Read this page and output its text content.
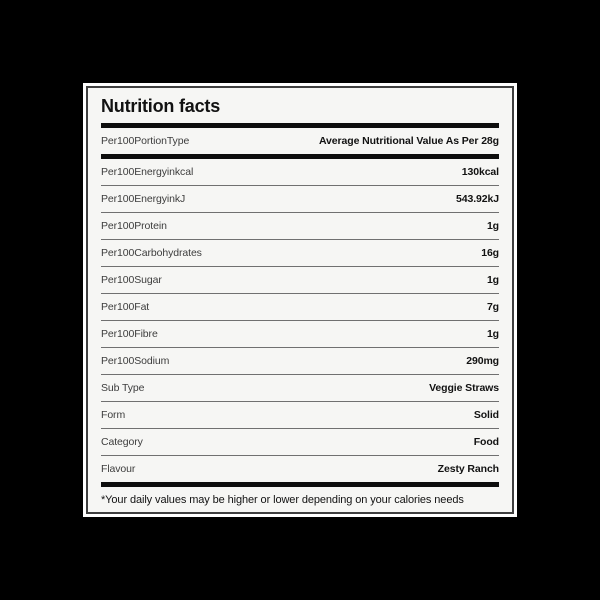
Nutrition facts
Per100PortionType	Average Nutritional Value As Per 28g
Per100Energyinkcal	130kcal
Per100EnergyinkJ	543.92kJ
Per100Protein	1g
Per100Carbohydrates	16g
Per100Sugar	1g
Per100Fat	7g
Per100Fibre	1g
Per100Sodium	290mg
Sub Type	Veggie Straws
Form	Solid
Category	Food
Flavour	Zesty Ranch
*Your daily values may be higher or lower depending on your calories needs
